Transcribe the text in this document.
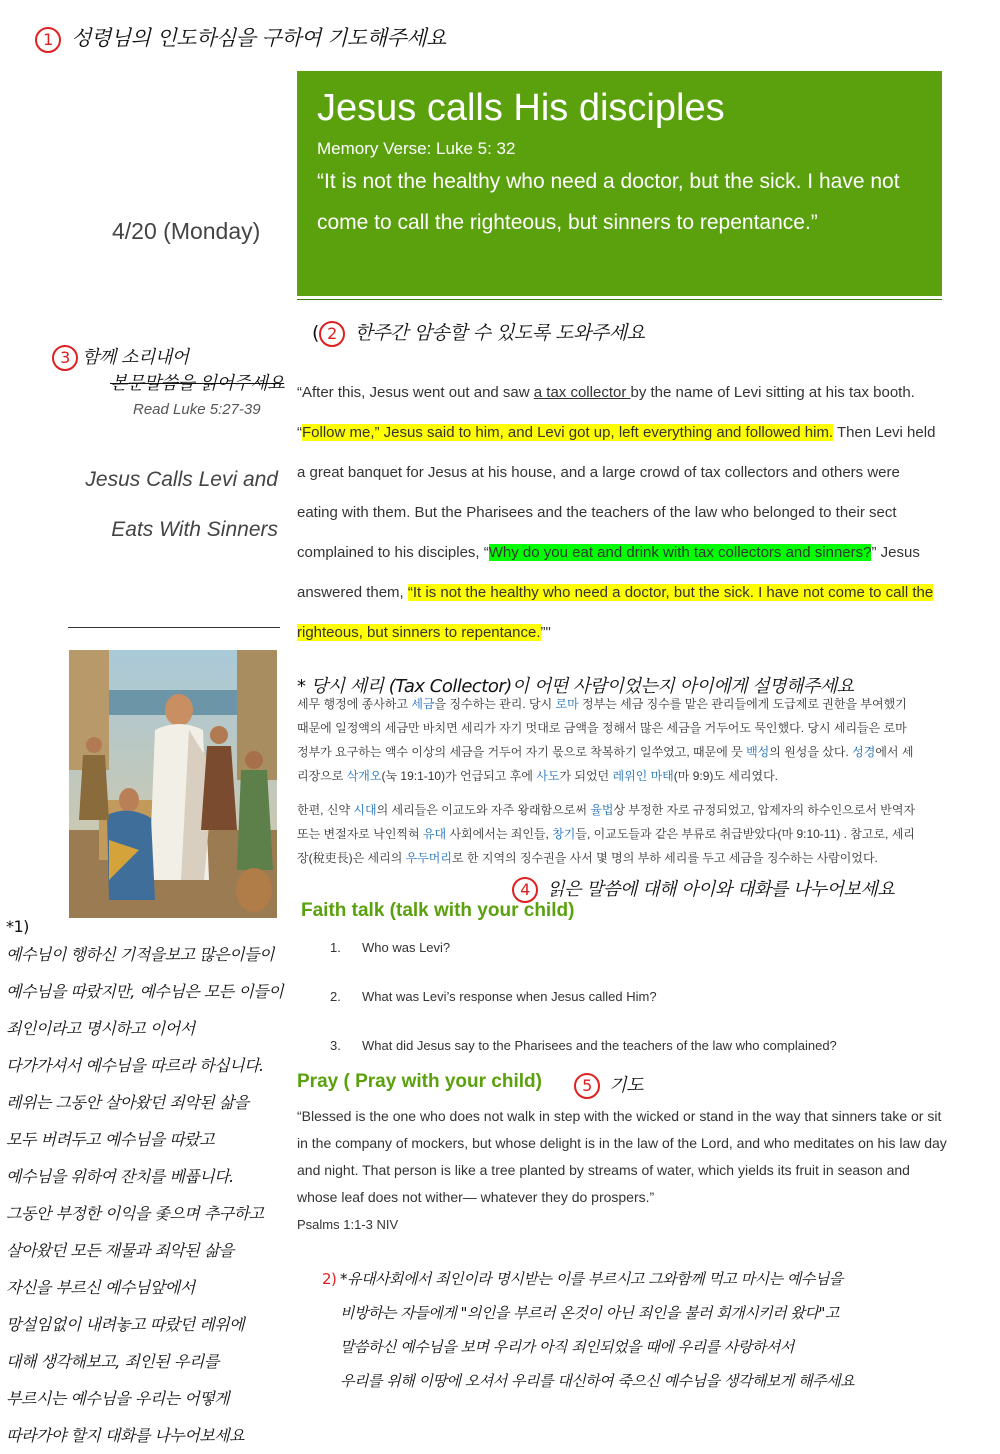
1 성령님의 인도하심을 구하여 기도해주세요
4/20 (Monday)
Jesus calls His disciples
Memory Verse: Luke 5: 32
“It is not the healthy who need a doctor, but the sick. I have not come to call the righteous, but sinners to repentance.”
( 2 한주간 암송할 수 있도록 도와주세요
3 함께 소리내어
본문말씀을 읽어주세요
Read Luke 5:27-39
Jesus Calls Levi and
Eats With Sinners
“After this, Jesus went out and saw a tax collector by the name of Levi sitting at his tax booth. “Follow me,” Jesus said to him, and Levi got up, left everything and followed him. Then Levi held a great banquet for Jesus at his house, and a large crowd of tax collectors and others were eating with them. But the Pharisees and the teachers of the law who belonged to their sect complained to his disciples, “Why do you eat and drink with tax collectors and sinners?” Jesus answered them, “It is not the healthy who need a doctor, but the sick. I have not come to call the righteous, but sinners to repentance.”"
* 당시 세리 (Tax Collector)이 어떤 사람이었는지 아이에게 설명해주세요

세무 행정에 종사하고 세금을 징수하는 관리. 당시 로마 정부는 세금 징수를 맡은 관리들에게 도급제로 권한을 부여했기 때문에 일정액의 세금만 바치면 세리가 자기 멋대로 금액을 정해서 많은 세금을 거두어도 묵인했다. 당시 세리들은 로마 정부가 요구하는 액수 이상의 세금을 거두어 자기 몫으로 착복하기 일쑤였고, 때문에 뭇 백성의 원성을 샀다. 성경에서 세리장으로 삭개오(눅 19:1-10)가 언급되고 후에 사도가 되었던 레위인 마태(마 9:9)도 세리였다.

한편, 신약 시대의 세리들은 이교도와 자주 왕래함으로써 율법상 부정한 자로 규정되었고, 압제자의 하수인으로서 반역자 또는 변절자로 낙인찍혀 유대 사회에서는 죄인들, 창기들, 이교도들과 같은 부류로 취급받았다(마 9:10-11) . 참고로, 세리장(稅吏長)은 세리의 우두머리로 한 지역의 징수권을 사서 몇 명의 부하 세리를 두고 세금을 징수하는 사람이었다.

4 읽은 말씀에 대해 아이와 대화를 나누어보세요
Faith talk (talk with your child)
1. Who was Levi?
2. What was Levi’s response when Jesus called Him?
3. What did Jesus say to the Pharisees and the teachers of the law who complained?
Pray ( Pray with your child)	5 기도
“Blessed is the one who does not walk in step with the wicked or stand in the way that sinners take or sit in the company of mockers, but whose delight is in the law of the Lord, and who meditates on his law day and night. That person is like a tree planted by streams of water, which yields its fruit in season and whose leaf does not wither— whatever they do prospers.”
Psalms 1:1-3 NIV
*1)
예수님이 행하신 기적을보고 많은이들이
예수님을 따랐지만, 예수님은 모든 이들이
죄인이라고 명시하고 이어서
다가가셔서 예수님을 따르라 하십니다.
레위는 그동안 살아왔던 죄악된 삶을
모두 버려두고 예수님을 따랐고
예수님을 위하여 잔치를 베풉니다.
그동안 부정한 이익을 좇으며 추구하고
살아왔던 모든 재물과 죄악된 삶을
자신을 부르신 예수님앞에서
망설임없이 내려놓고 따랐던 레위에
대해 생각해보고, 죄인된 우리를
부르시는 예수님을 우리는 어떻게
따라가야 할지 대화를 나누어보세요
2) *유대사회에서 죄인이라 명시받는 이를 부르시고 그와함께 먹고 마시는 예수님을
비방하는 자들에게 "의인을 부르러 온것이 아닌 죄인을 불러 회개시키러 왔다"고
말씀하신 예수님을 보며 우리가 아직 죄인되었을 때에 우리를 사랑하셔서
우리를 위해 이땅에 오셔서 우리를 대신하여 죽으신 예수님을 생각해보게 해주세요
